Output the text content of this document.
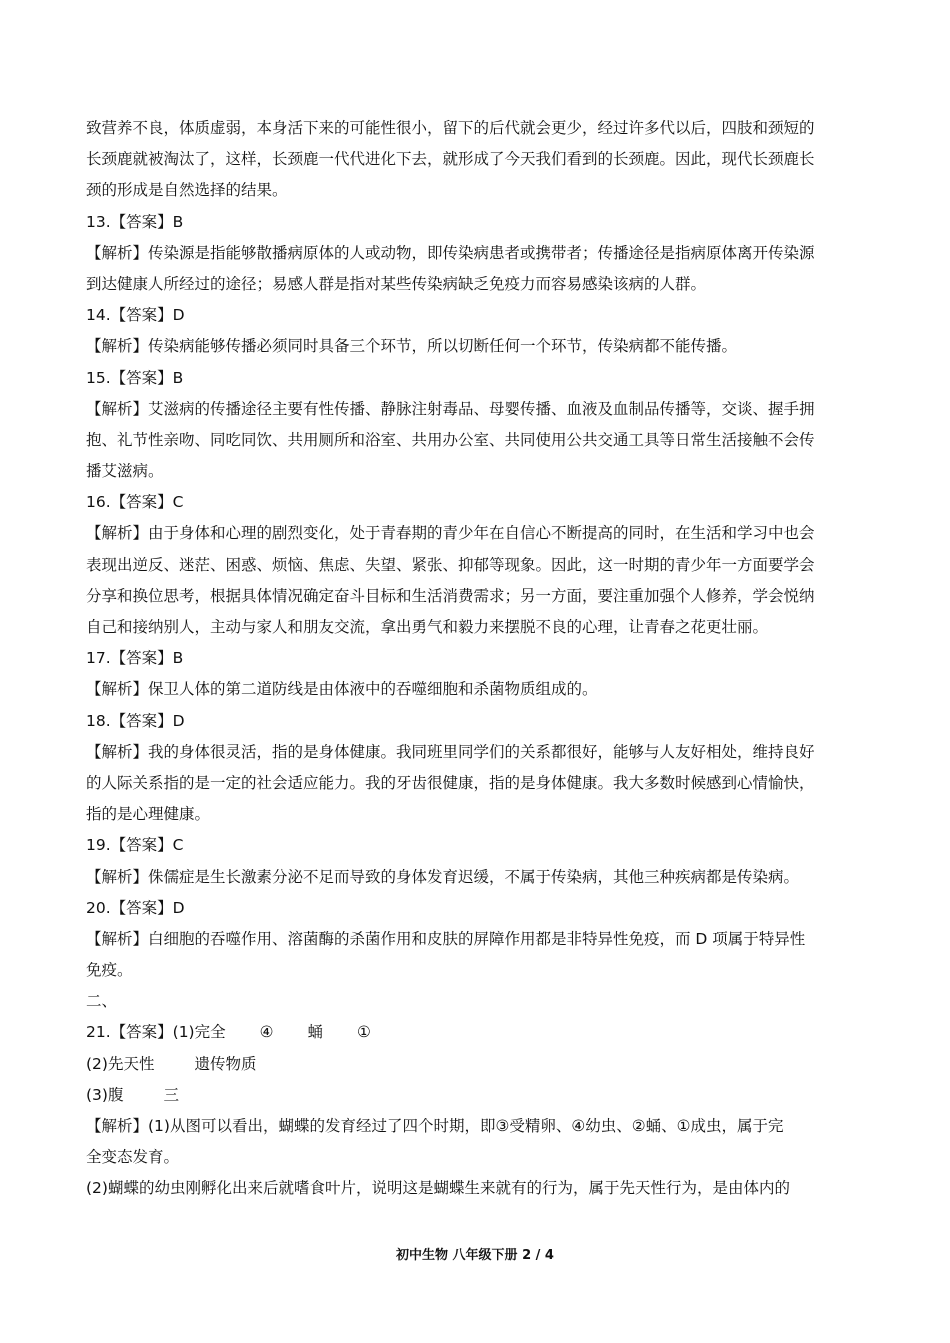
致营养不良，体质虚弱，本身活下来的可能性很小，留下的后代就会更少，经过许多代以后，四肢和颈短的
长颈鹿就被淘汰了，这样，长颈鹿一代代进化下去，就形成了今天我们看到的长颈鹿。因此，现代长颈鹿长
颈的形成是自然选择的结果。
13.【答案】B
【解析】传染源是指能够散播病原体的人或动物，即传染病患者或携带者；传播途径是指病原体离开传染源
到达健康人所经过的途径；易感人群是指对某些传染病缺乏免疫力而容易感染该病的人群。
14.【答案】D
【解析】传染病能够传播必须同时具备三个环节，所以切断任何一个环节，传染病都不能传播。
15.【答案】B
【解析】艾滋病的传播途径主要有性传播、静脉注射毒品、母婴传播、血液及血制品传播等，交谈、握手拥
抱、礼节性亲吻、同吃同饮、共用厕所和浴室、共用办公室、共同使用公共交通工具等日常生活接触不会传
播艾滋病。
16.【答案】C
【解析】由于身体和心理的剧烈变化，处于青春期的青少年在自信心不断提高的同时，在生活和学习中也会
表现出逆反、迷茫、困惑、烦恼、焦虑、失望、紧张、抑郁等现象。因此，这一时期的青少年一方面要学会
分享和换位思考，根据具体情况确定奋斗目标和生活消费需求；另一方面，要注重加强个人修养，学会悦纳
自己和接纳别人，主动与家人和朋友交流，拿出勇气和毅力来摆脱不良的心理，让青春之花更壮丽。
17.【答案】B
【解析】保卫人体的第二道防线是由体液中的吞噬细胞和杀菌物质组成的。
18.【答案】D
【解析】我的身体很灵活，指的是身体健康。我同班里同学们的关系都很好，能够与人友好相处，维持良好
的人际关系指的是一定的社会适应能力。我的牙齿很健康，指的是身体健康。我大多数时候感到心情愉快，
指的是心理健康。
19.【答案】C
【解析】侏儒症是生长激素分泌不足而导致的身体发育迟缓，不属于传染病，其他三种疾病都是传染病。
20.【答案】D
【解析】白细胞的吞噬作用、溶菌酶的杀菌作用和皮肤的屏障作用都是非特异性免疫，而 D 项属于特异性
免疫。
二、
21.【答案】(1)完全 ④ 蛹 ①
(2)先天性	遗传物质
(3)腹	三
【解析】(1)从图可以看出，蝴蝶的发育经过了四个时期，即③受精卵、④幼虫、②蛹、①成虫，属于完
全变态发育。
(2)蝴蝶的幼虫刚孵化出来后就嗜食叶片，说明这是蝴蝶生来就有的行为，属于先天性行为，是由体内的
初中生物 八年级下册 2 / 4
